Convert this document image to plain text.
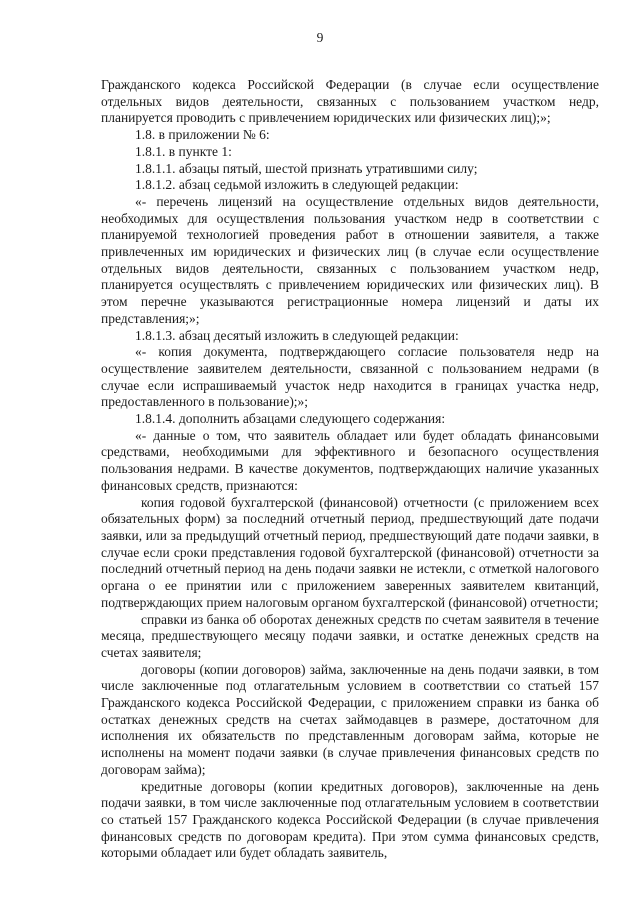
9

Гражданского кодекса Российской Федерации (в случае если осуществление отдельных видов деятельности, связанных с пользованием участком недр, планируется проводить с привлечением юридических или физических лиц);»;

1.8. в приложении № 6:

1.8.1. в пункте 1:

1.8.1.1. абзацы пятый, шестой признать утратившими силу;

1.8.1.2. абзац седьмой изложить в следующей редакции:

«- перечень лицензий на осуществление отдельных видов деятельности, необходимых для осуществления пользования участком недр в соответствии с планируемой технологией проведения работ в отношении заявителя, а также привлеченных им юридических и физических лиц (в случае если осуществление отдельных видов деятельности, связанных с пользованием участком недр, планируется осуществлять с привлечением юридических или физических лиц). В этом перечне указываются регистрационные номера лицензий и даты их представления;»;

1.8.1.3. абзац десятый изложить в следующей редакции:

«- копия документа, подтверждающего согласие пользователя недр на осуществление заявителем деятельности, связанной с пользованием недрами (в случае если испрашиваемый участок недр находится в границах участка недр, предоставленного в пользование);»;

1.8.1.4. дополнить абзацами следующего содержания:

«- данные о том, что заявитель обладает или будет обладать финансовыми средствами, необходимыми для эффективного и безопасного осуществления пользования недрами. В качестве документов, подтверждающих наличие указанных финансовых средств, признаются:

копия годовой бухгалтерской (финансовой) отчетности (с приложением всех обязательных форм) за последний отчетный период, предшествующий дате подачи заявки, или за предыдущий отчетный период, предшествующий дате подачи заявки, в случае если сроки представления годовой бухгалтерской (финансовой) отчетности за последний отчетный период на день подачи заявки не истекли, с отметкой налогового органа о ее принятии или с приложением заверенных заявителем квитанций, подтверждающих прием налоговым органом бухгалтерской (финансовой) отчетности;

справки из банка об оборотах денежных средств по счетам заявителя в течение месяца, предшествующего месяцу подачи заявки, и остатке денежных средств на счетах заявителя;

договоры (копии договоров) займа, заключенные на день подачи заявки, в том числе заключенные под отлагательным условием в соответствии со статьей 157 Гражданского кодекса Российской Федерации, с приложением справки из банка об остатках денежных средств на счетах займодавцев в размере, достаточном для исполнения их обязательств по представленным договорам займа, которые не исполнены на момент подачи заявки (в случае привлечения финансовых средств по договорам займа);

кредитные договоры (копии кредитных договоров), заключенные на день подачи заявки, в том числе заключенные под отлагательным условием в соответствии со статьей 157 Гражданского кодекса Российской Федерации (в случае привлечения финансовых средств по договорам кредита). При этом сумма финансовых средств, которыми обладает или будет обладать заявитель,
